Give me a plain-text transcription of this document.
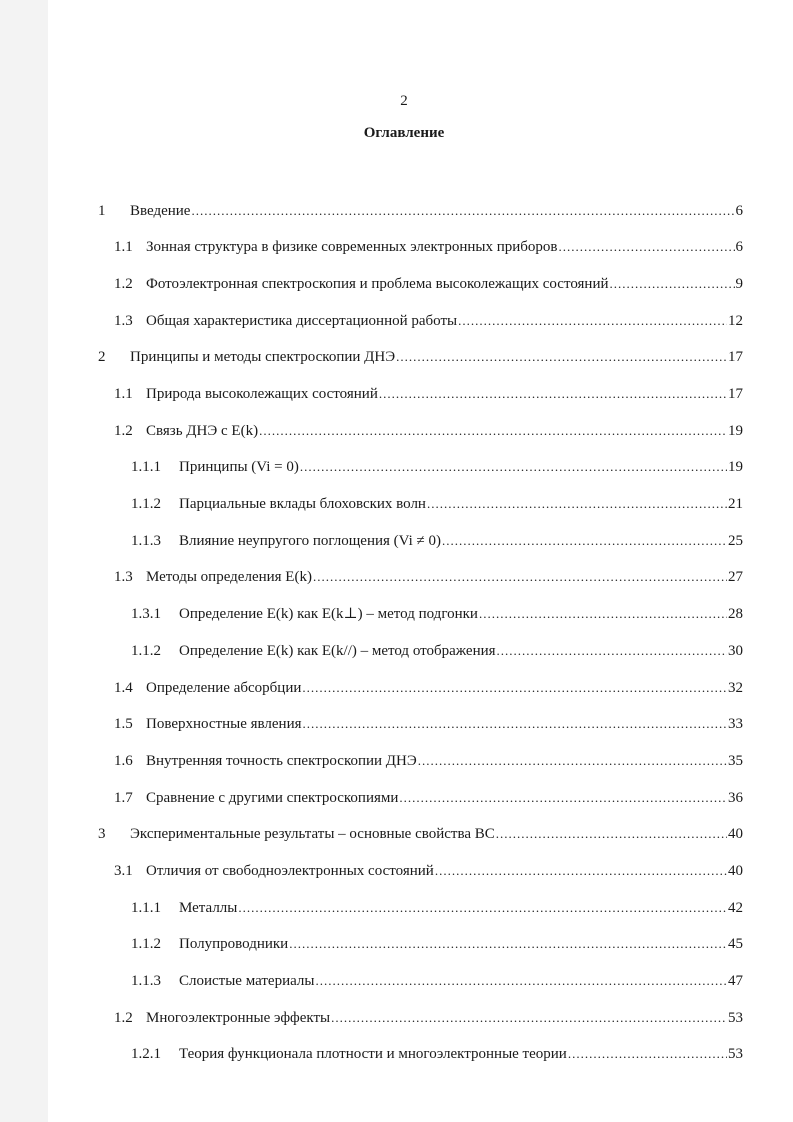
2
Оглавление
1 Введение .....	6
1.1 Зонная структура в физике современных электронных приборов .....	6
1.2 Фотоэлектронная спектроскопия и проблема высоколежащих состояний .....	9
1.3 Общая характеристика диссертационной работы .....	12
2 Принципы и методы спектроскопии ДНЭ .....	17
1.1 Природа высоколежащих состояний .....	17
1.2 Связь ДНЭ с E(k) .....	19
1.1.1 Принципы (Vi = 0) .....	19
1.1.2 Парциальные вклады блоховских волн .....	21
1.1.3 Влияние неупругого поглощения (Vi ≠ 0) .....	25
1.3 Методы определения E(k) .....	27
1.3.1 Определение E(k) как E(k⊥) – метод подгонки .....	28
1.1.2 Определение E(k) как E(k//) – метод отображения .....	30
1.4 Определение абсорбции .....	32
1.5 Поверхностные явления .....	33
1.6 Внутренняя точность спектроскопии ДНЭ .....	35
1.7 Сравнение с другими спектроскопиями .....	36
3 Экспериментальные результаты – основные свойства ВС .....	40
3.1 Отличия от свободноэлектронных состояний .....	40
1.1.1 Металлы .....	42
1.1.2 Полупроводники .....	45
1.1.3 Слоистые материалы .....	47
1.2 Многоэлектронные эффекты .....	53
1.2.1 Теория функционала плотности и многоэлектронные теории .....	53
